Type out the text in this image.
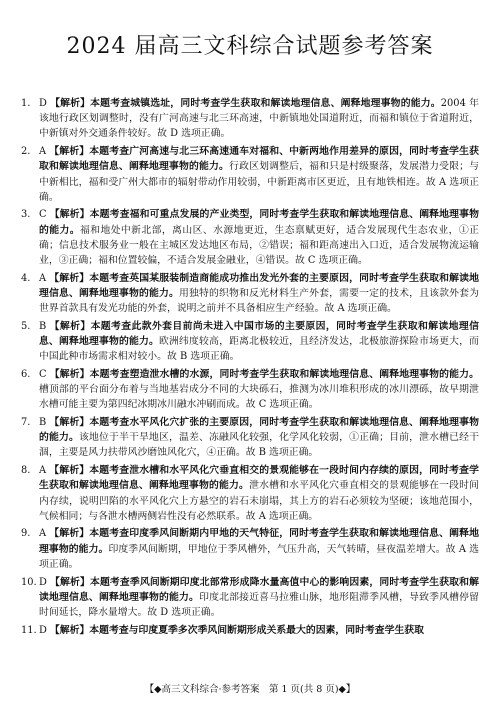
2024 届高三文科综合试题参考答案
1. D 【解析】本题考查城镇选址，同时考查学生获取和解读地理信息、阐释地理事物的能力。2004 年该地行政区划调整时，没有广河高速与北三环高速，中新镇地处国道附近，而福和镇位于省道附近，中新镇对外交通条件较好。故 D 选项正确。
2. A 【解析】本题考查广河高速与北三环高速通车对福和、中新两地作用差异的原因，同时考查学生获取和解读地理信息、阐释地理事物的能力。行政区划调整后，福和只是村级聚落，发展潜力受限；与中新相比，福和受广州大都市的辐射带动作用较弱，中新距离市区更近，且有地铁相连。故 A 选项正确。
3. C 【解析】本题考查福和可重点发展的产业类型，同时考查学生获取和解读地理信息、阐释地理事物的能力。福和地处中新北部，离山区、水源地更近，生态禀赋更好，适合发展现代生态农业，①正确；信息技术服务业一般在主城区发达地区布局，②错误；福和距高速出入口近，适合发展物流运输业，③正确；福和位置较偏，不适合发展金融业，④错误。故 C 选项正确。
4. A 【解析】本题考查英国某服装制造商能成功推出发光外套的主要原因，同时考查学生获取和解读地理信息、阐释地理事物的能力。用独特的织物和反光材料生产外套，需要一定的技术，且该款外套为世界首款具有发光功能的外套，说明之前并不具备相应生产经验。故 A 选项正确。
5. B 【解析】本题考查此款外套目前尚未进入中国市场的主要原因，同时考查学生获取和解读地理信息、阐释地理事物的能力。欧洲纬度较高，距离北极较近，且经济发达，北极旅游探险市场更大，而中国此种市场需求相对较小。故 B 选项正确。
6. C 【解析】本题考查塑造泄水槽的水源，同时考查学生获取和解读地理信息、阐释地理事物的能力。槽顶部的平台面分布着与当地基岩成分不同的大块砾石，推测为冰川堆积形成的冰川漂砾，故早期泄水槽可能主要为第四纪冰期冰川融水冲刷而成。故 C 选项正确。
7. B 【解析】本题考查水平风化穴扩张的主要原因，同时考查学生获取和解读地理信息、阐释地理事物的能力。该地位于半干旱地区，温差、冻融风化较强，化学风化较弱，①正确；目前，泄水槽已经干涸，主要是风力扶带风沙磨蚀风化穴，④正确。故 B 选项正确。
8. A 【解析】本题考查泄水槽和水平风化穴垂直相交的景观能够在一段时间内存续的原因，同时考查学生获取和解读地理信息、阐释地理事物的能力。泄水槽和水平风化穴垂直相交的景观能够在一段时间内存续，说明凹陷的水平风化穴上方悬空的岩石未崩塌，其上方的岩石必须较为坚硬；该地范围小，气候相同；与各泄水槽两侧岩性没有必然联系。故 A 选项正确。
9. A 【解析】本题考查印度季风间断期内甲地的天气特征，同时考查学生获取和解读地理信息、阐释地理事物的能力。印度季风间断期，甲地位于季风槽外，气压升高，天气转晴，昼夜温差增大。故 A 选项正确。
10. D 【解析】本题考查季风间断期印度北部常形成降水量高值中心的影响因素，同时考查学生获取和解读地理信息、阐释地理事物的能力。印度北部接近喜马拉雅山脉，地形阻滞季风槽，导致季风槽停留时间延长，降水量增大。故 D 选项正确。
11. D 【解析】本题考查与印度夏季多次季风间断期形成关系最大的因素，同时考查学生获取
【◆高三文科综合·参考答案　第 1 页(共 8 页)◆】
